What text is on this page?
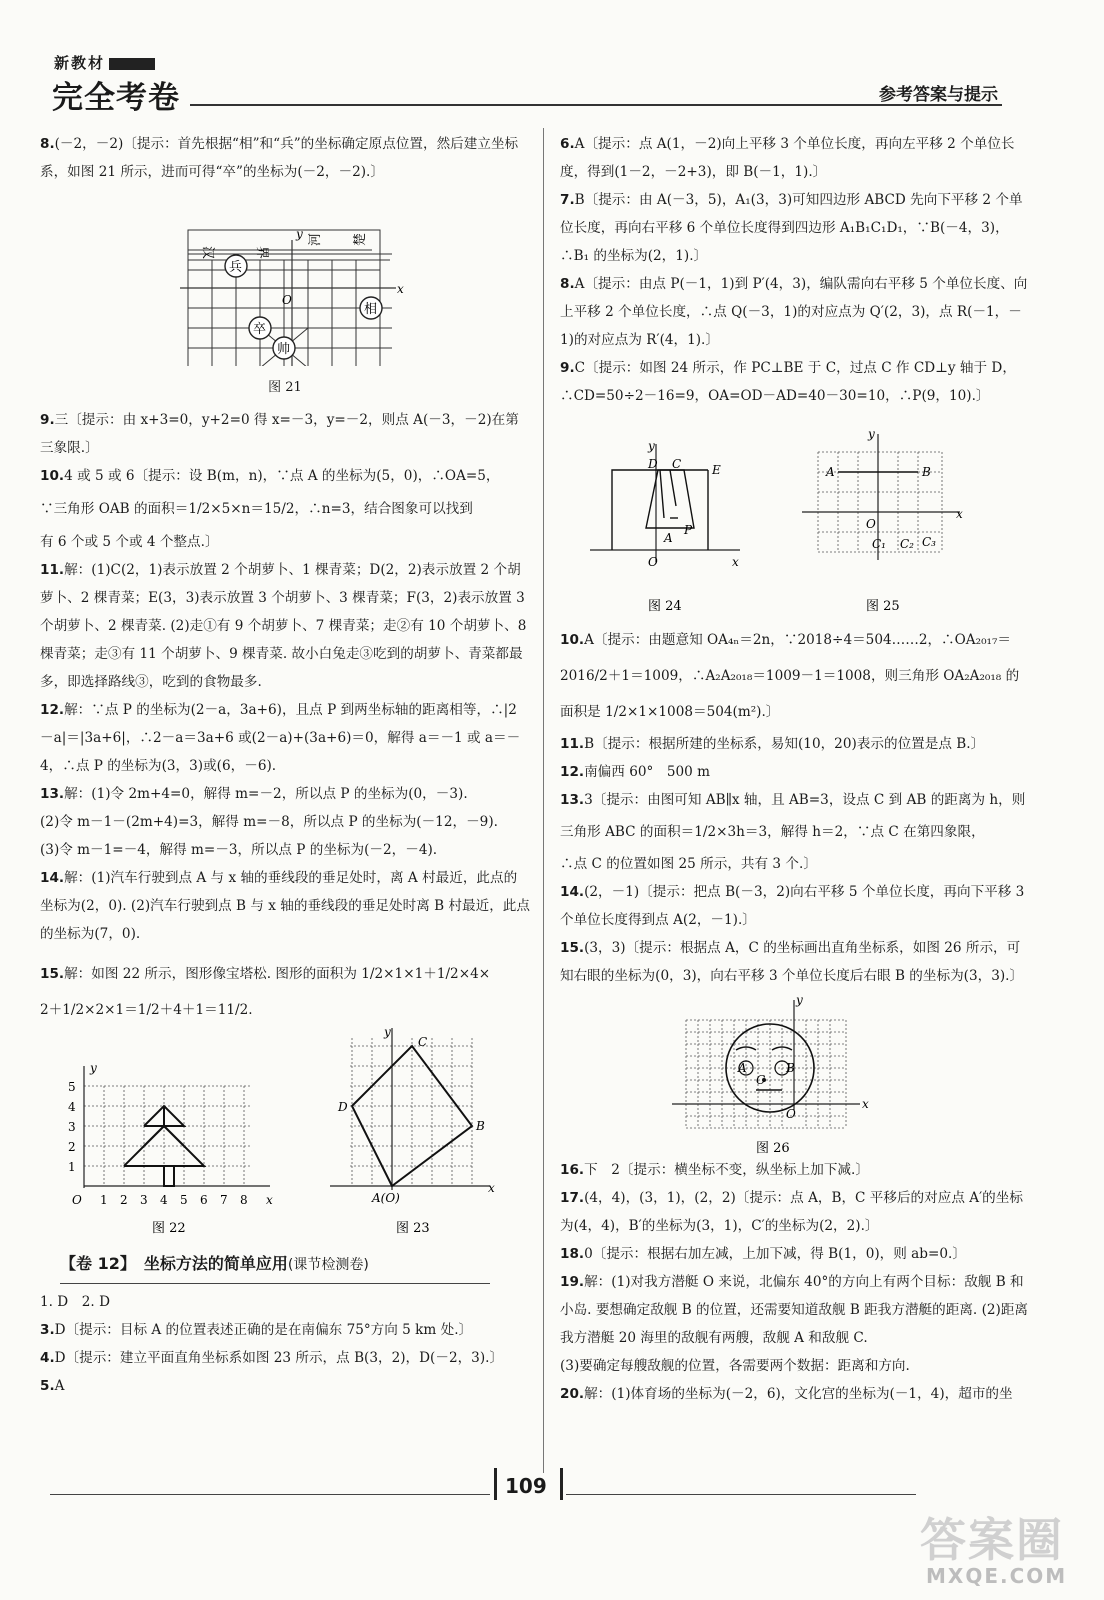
新教材
完全考卷	参考答案与提示
8.(－2，－2)〔提示：首先根据“相”和“兵”的坐标确定原点位置，然后建立坐标系，如图 21 所示，进而可得“卒”的坐标为(－2，－2).〕
汉	界
河 楚
y
x
O
兵
相
卒
帅
图 21
9.三〔提示：由 x+3=0，y+2=0 得 x=－3，y=－2，则点 A(－3，－2)在第三象限.〕

10.4 或 5 或 6〔提示：设 B(m，n)，∵点 A 的坐标为(5，0)，∴OA=5，

∵三角形 OAB 的面积＝1/2×5×n＝15/2，∴n=3，结合图象可以找到

有 6 个或 5 个或 4 个整点.〕

11.解：(1)C(2，1)表示放置 2 个胡萝卜、1 棵青菜；D(2，2)表示放置 2 个胡萝卜、2 棵青菜；E(3，3)表示放置 3 个胡萝卜、3 棵青菜；F(3，2)表示放置 3 个胡萝卜、2 棵青菜. (2)走①有 9 个胡萝卜、7 棵青菜；走②有 10 个胡萝卜、8 棵青菜；走③有 11 个胡萝卜、9 棵青菜. 故小白兔走③吃到的胡萝卜、青菜都最多，即选择路线③，吃到的食物最多.
12.解：∵点 P 的坐标为(2－a，3a+6)，且点 P 到两坐标轴的距离相等，∴|2－a|＝|3a+6|，∴2－a＝3a+6 或(2－a)+(3a+6)＝0，解得 a＝－1 或 a＝－4，∴点 P 的坐标为(3，3)或(6，－6).

13.解：(1)令 2m+4=0，解得 m=－2，所以点 P 的坐标为(0，－3).

(2)令 m－1－(2m+4)=3，解得 m=－8，所以点 P 的坐标为(－12，－9).

(3)令 m－1=－4，解得 m=－3，所以点 P 的坐标为(－2，－4).

14.解：(1)汽车行驶到点 A 与 x 轴的垂线段的垂足处时，离 A 村最近，此点的坐标为(2，0). (2)汽车行驶到点 B 与 x 轴的垂线段的垂足处时离 B 村最近，此点的坐标为(7，0).

15.解：如图 22 所示，图形像宝塔松. 图形的面积为 1/2×1×1＋1/2×4×

2＋1/2×2×1＝1/2＋4＋1＝11/2.

y
x
O
1
2
3
4
5
1 2 3 4 5 6 7 8
图 22
y
x
C
D
B
A(O)
图 23
【卷 12】　 坐标方法的简单应用(课节检测卷)
1. D　2. D
3.D〔提示：目标 A 的位置表述正确的是在南偏东 75°方向 5 km 处.〕
4.D〔提示：建立平面直角坐标系如图 23 所示，点 B(3，2)，D(－2，3).〕
5.A
6.A〔提示：点 A(1，－2)向上平移 3 个单位长度，再向左平移 2 个单位长度，得到(1－2，－2+3)，即 B(－1，1).〕
7.B〔提示：由 A(－3，5)，A₁(3，3)可知四边形 ABCD 先向下平移 2 个单位长度，再向右平移 6 个单位长度得到四边形 A₁B₁C₁D₁，∵B(－4，3)，∴B₁ 的坐标为(2，1).〕
8.A〔提示：由点 P(－1，1)到 P′(4，3)，编队需向右平移 5 个单位长度、向上平移 2 个单位长度，∴点 Q(－3，1)的对应点为 Q′(2，3)，点 R(－1，－1)的对应点为 R′(4，1).〕
9.C〔提示：如图 24 所示，作 PC⊥BE 于 C，过点 C 作 CD⊥y 轴于 D，∴CD=50÷2－16=9，OA=OD－AD=40－30=10，∴P(9，10).〕
y
x
O
D C	E
A
P
图 24
y
x
O
A	B
C₁ C₂ C₃
图 25

10.A〔提示：由题意知 OA₄ₙ＝2n，∵2018÷4＝504……2，∴OA₂₀₁₇＝

2016/2＋1＝1009，∴A₂A₂₀₁₈＝1009－1＝1008，则三角形 OA₂A₂₀₁₈ 的

面积是 1/2×1×1008＝504(m²).〕

11.B〔提示：根据所建的坐标系，易知(10，20)表示的位置是点 B.〕
12.南偏西 60°　500 m

13.3〔提示：由图可知 AB∥x 轴，且 AB=3，设点 C 到 AB 的距离为 h，则

三角形 ABC 的面积＝1/2×3h＝3，解得 h＝2，∵点 C 在第四象限，

∴点 C 的位置如图 25 所示，共有 3 个.〕

14.(2，－1)〔提示：把点 B(－3，2)向右平移 5 个单位长度，再向下平移 3 个单位长度得到点 A(2，－1).〕
15.(3，3)〔提示：根据点 A，C 的坐标画出直角坐标系，如图 26 所示，可知右眼的坐标为(0，3)，向右平移 3 个单位长度后右眼 B 的坐标为(3，3).〕
y
x
O
A	B
C
图 26
16.下　2〔提示：横坐标不变，纵坐标上加下减.〕
17.(4，4)，(3，1)，(2，2)〔提示：点 A，B，C 平移后的对应点 A′的坐标为(4，4)，B′的坐标为(3，1)，C′的坐标为(2，2).〕
18.0〔提示：根据右加左减，上加下减，得 B(1，0)，则 ab=0.〕

19.解：(1)对我方潜艇 O 来说，北偏东 40°的方向上有两个目标：敌舰 B 和小岛. 要想确定敌舰 B 的位置，还需要知道敌舰 B 距我方潜艇的距离. (2)距离我方潜艇 20 海里的敌舰有两艘，敌舰 A 和敌舰 C.

(3)要确定每艘敌舰的位置，各需要两个数据：距离和方向.

20.解：(1)体育场的坐标为(－2，6)，文化宫的坐标为(－1，4)，超市的坐
109
答案圈
MXQE.COM
